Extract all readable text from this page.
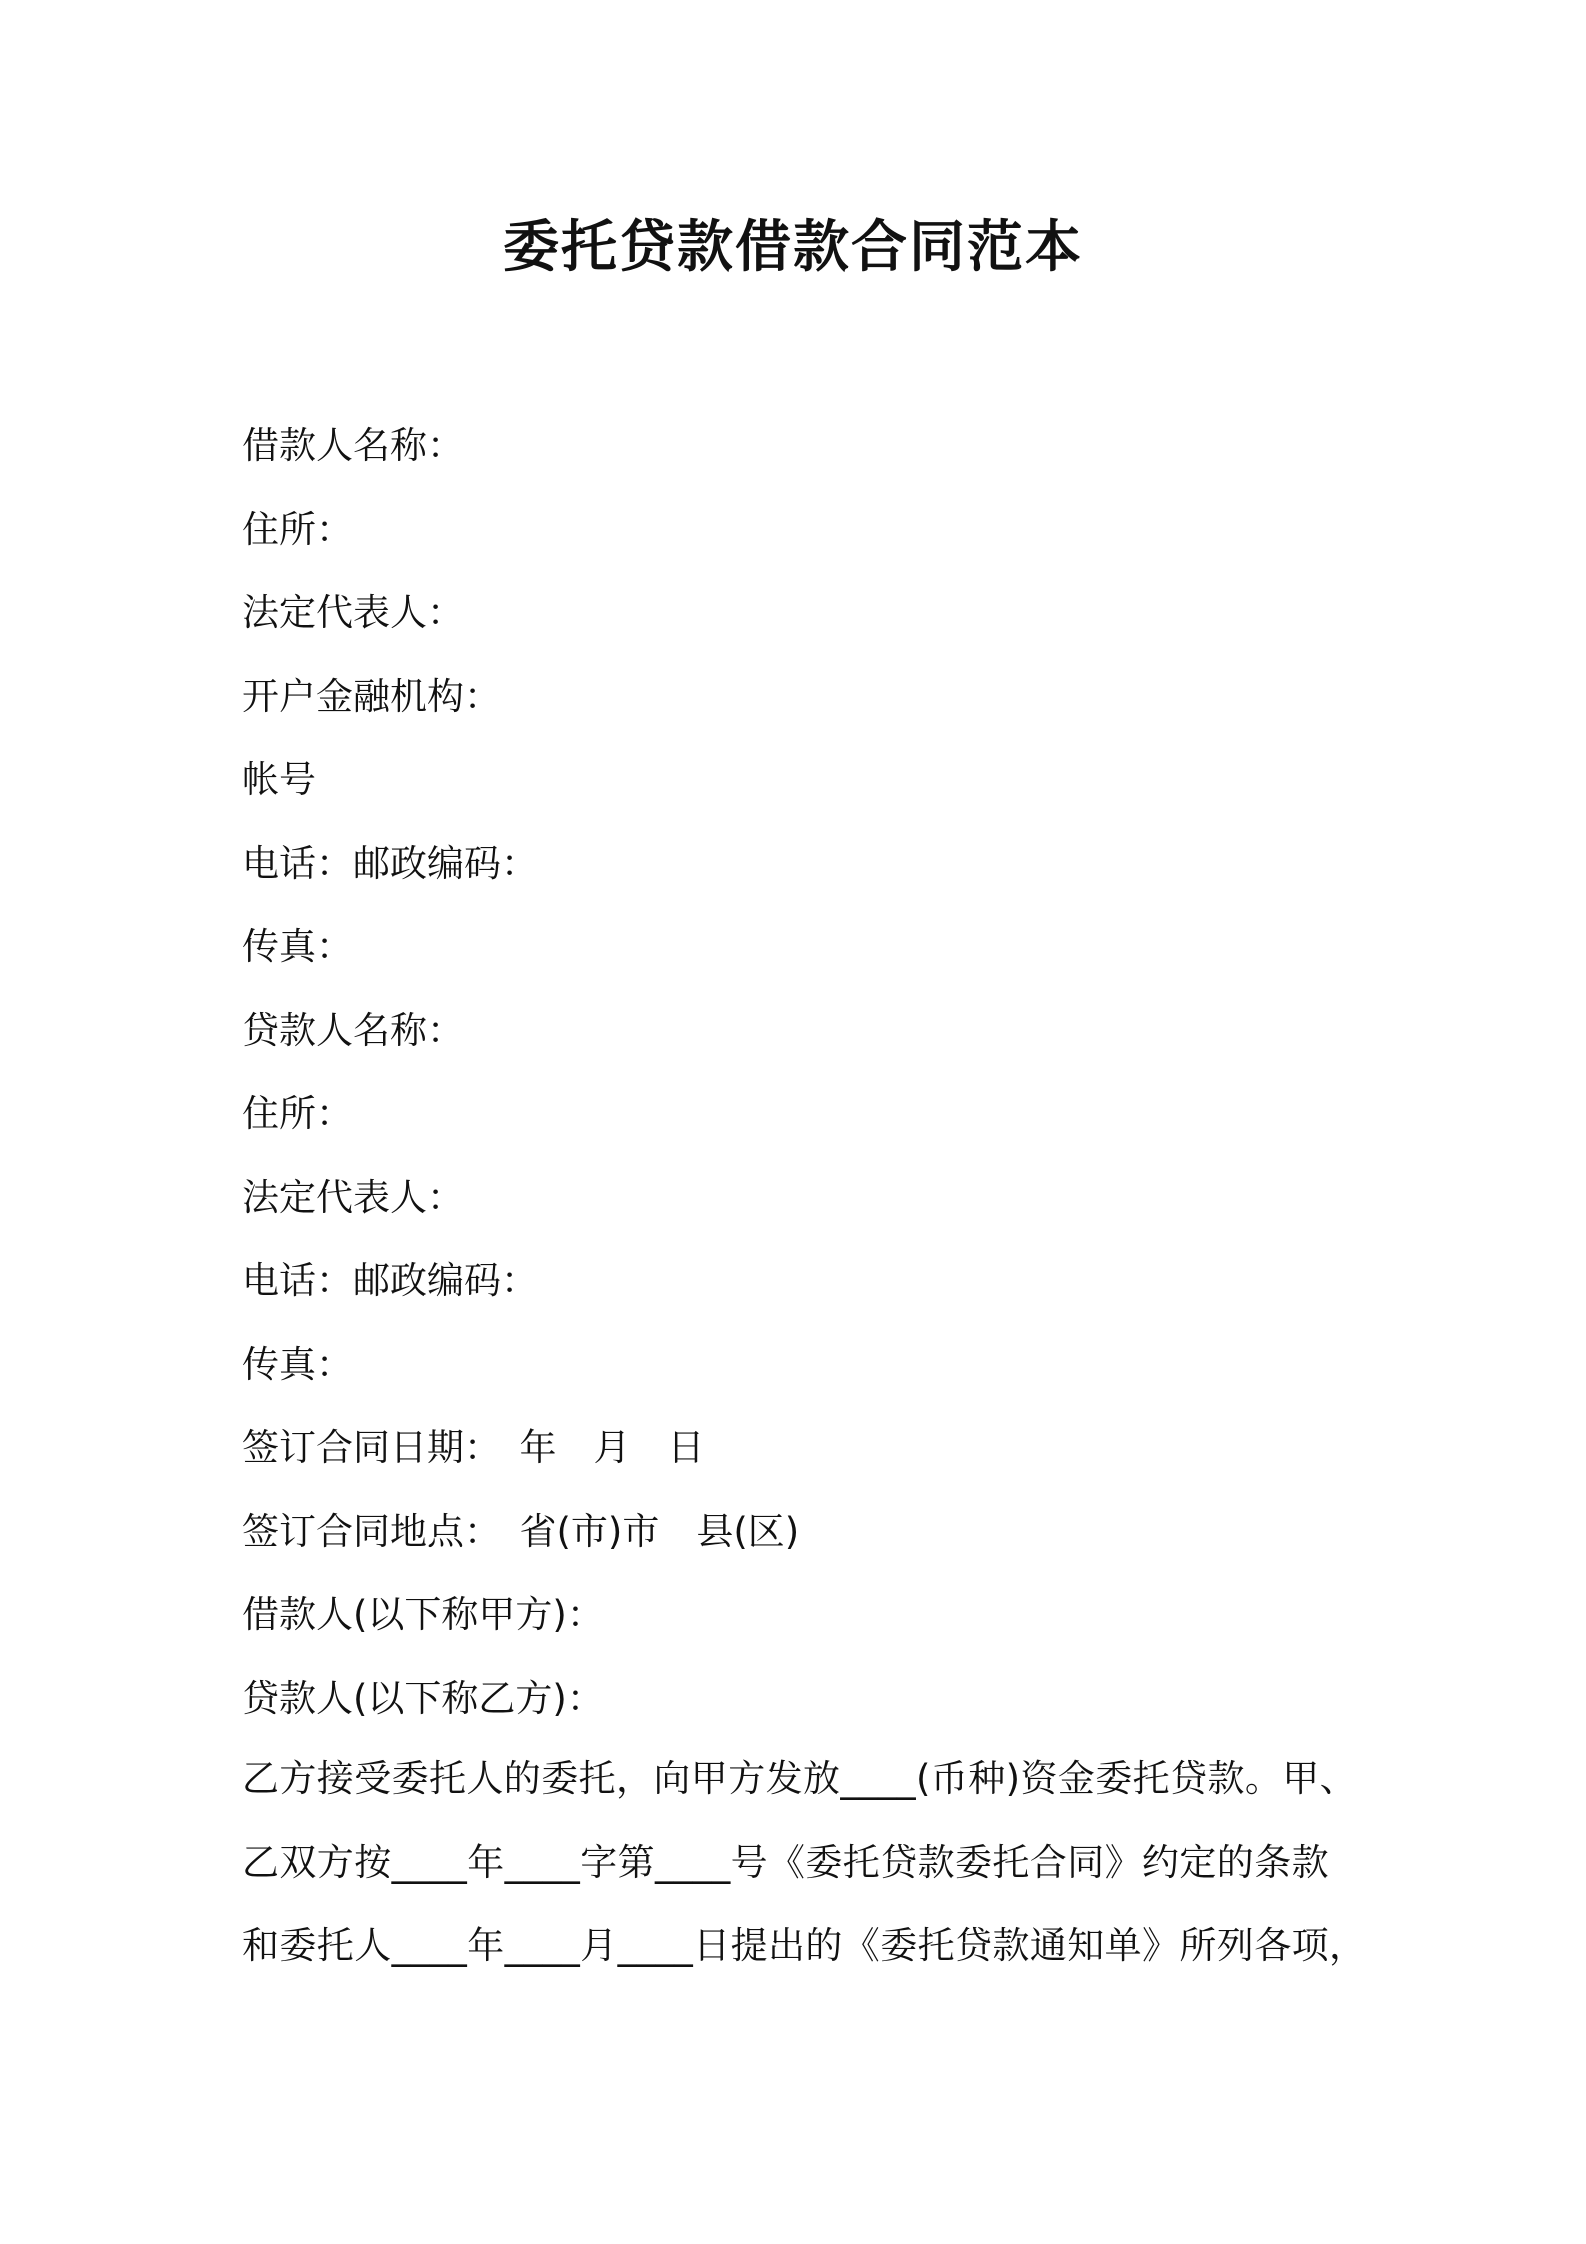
委托贷款借款合同范本
借款人名称：
住所：
法定代表人：
开户金融机构：
帐号
电话：邮政编码：
传真：
贷款人名称：
住所：
法定代表人：
电话：邮政编码：
传真：
签订合同日期：　年　月　日
签订合同地点：　省(市)市　县(区)
借款人(以下称甲方)：
贷款人(以下称乙方)：
乙方接受委托人的委托，向甲方发放____(币种)资金委托贷款。甲、
乙双方按____年____字第____号《委托贷款委托合同》约定的条款
和委托人____年____月____日提出的《委托贷款通知单》所列各项，
